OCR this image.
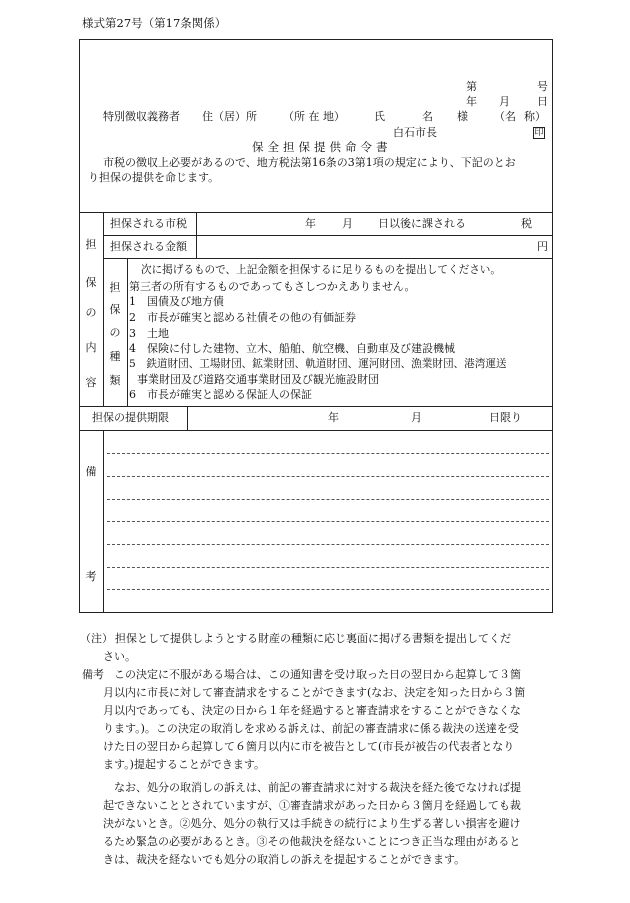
様式第27号（第17条関係）
第	号
年 月 日
特別徴収義務者 住（居）所 （所 在 地）	氏	名 様 （名 称）
白石市長	印
保全担保提供命令書
市税の徴収上必要があるので、地方税法第16条の3第1項の規定により、下記のとお
り担保の提供を命じます。
担
保
の
内
容
担保される市税	年 月 日以後に課される	税
担保される金額	円
担
保
の
種
類
次に掲げるもので、上記金額を担保するに足りるものを提出してください。
第三者の所有するものであってもさしつかえありません。
1　国債及び地方債
2　市長が確実と認める社債その他の有価証券
3　土地
4　保険に付した建物、立木、船舶、航空機、自動車及び建設機械
5　鉄道財団、工場財団、鉱業財団、軌道財団、運河財団、漁業財団、港湾運送
事業財団及び道路交通事業財団及び観光施設財団
6　市長が確実と認める保証人の保証
担保の提供期限	年	月	日限り
備
考
（注） 担保として提供しようとする財産の種類に応じ裏面に掲げる書類を提出してくだ
さい。
備考 この決定に不服がある場合は、この通知書を受け取った日の翌日から起算して３箇
月以内に市長に対して審査請求をすることができます(なお、決定を知った日から３箇
月以内であっても、決定の日から１年を経過すると審査請求をすることができなくな
ります。)。この決定の取消しを求める訴えは、前記の審査請求に係る裁決の送達を受
けた日の翌日から起算して６箇月以内に市を被告として(市長が被告の代表者となり
ます。)提起することができます。
なお、処分の取消しの訴えは、前記の審査請求に対する裁決を経た後でなければ提
起できないこととされていますが、①審査請求があった日から３箇月を経過しても裁
決がないとき。②処分、処分の執行又は手続きの続行により生ずる著しい損害を避け
るため緊急の必要があるとき。③その他裁決を経ないことにつき正当な理由があると
きは、裁決を経ないでも処分の取消しの訴えを提起することができます。
